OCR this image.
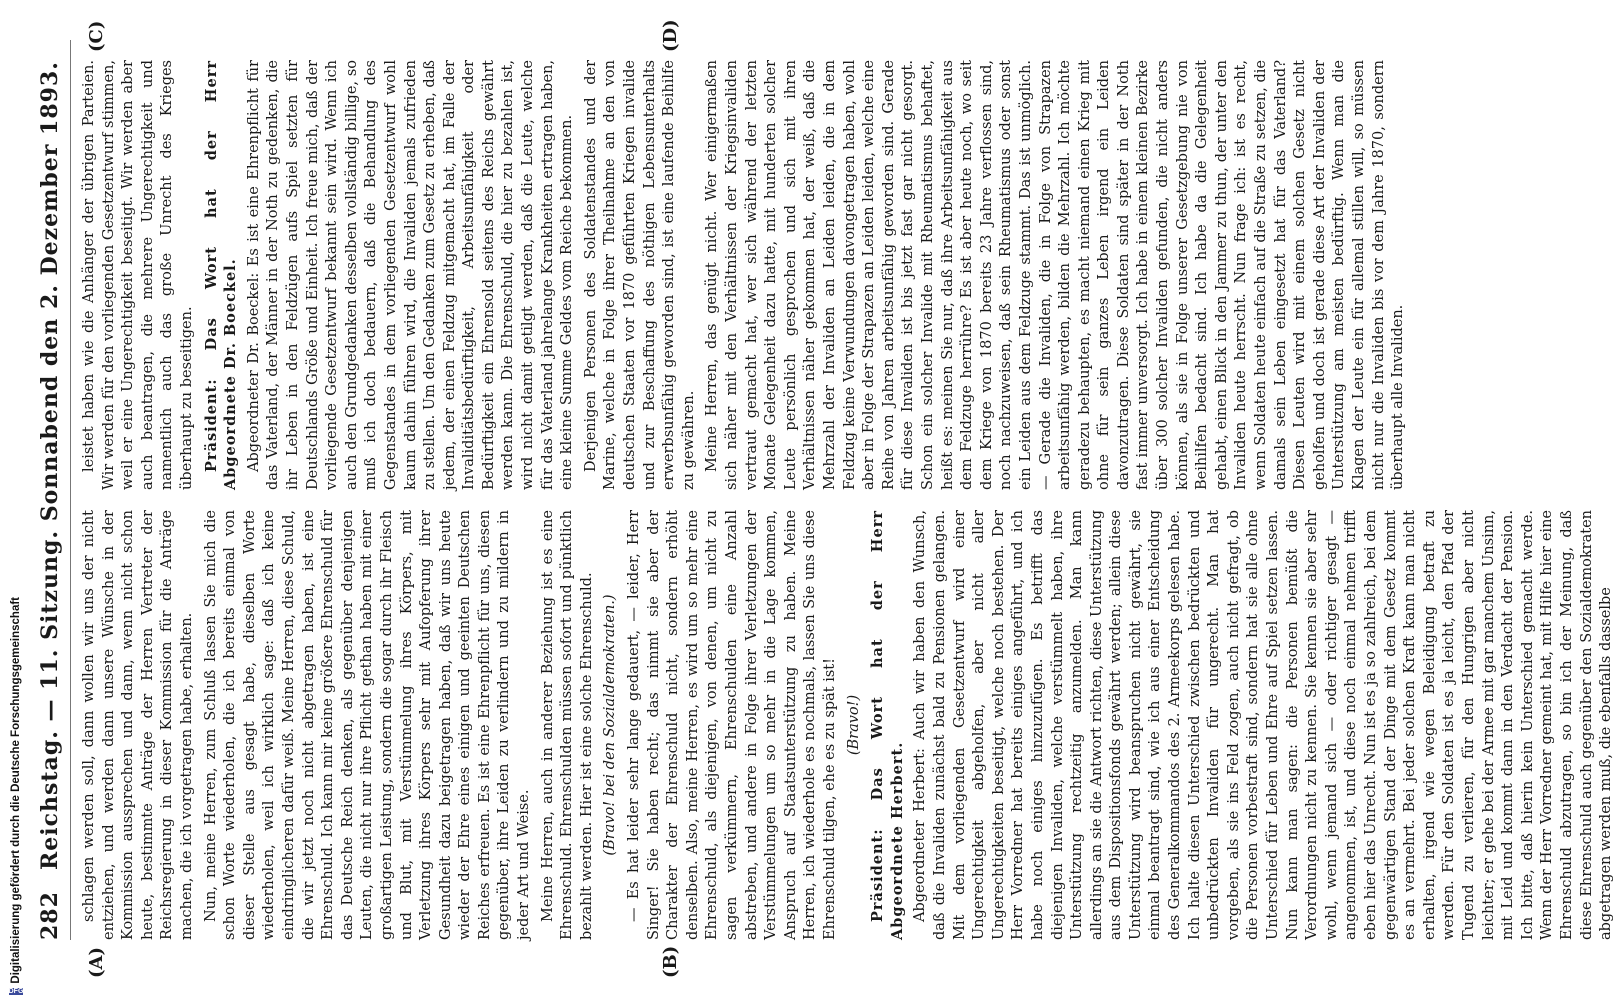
282
Reichstag. — 11. Sitzung. Sonnabend den 2. Dezember 1893.
(A)	(B)
(C)	(D)

schlagen werden soll, dann wollen wir uns der nicht entziehen, und werden dann unsere Wünsche in der Kommission aussprechen und dann, wenn nicht schon heute, bestimmte Anträge der Herren Vertreter der Reichsregierung in dieser Kommission für die Anträge machen, die ich vorgetragen habe, erhalten. Nun, meine Herren, zum Schluß lassen Sie mich die schon Worte wiederholen, die ich bereits einmal von dieser Stelle aus gesagt habe, dieselben Worte wiederholen, weil ich wirklich sage: daß ich keine eindringlicheren dafür weiß. Meine Herren, diese Schuld, die wir jetzt noch nicht abgetragen haben, ist eine Ehrenschuld. Ich kann mir keine größere Ehrenschuld für das Deutsche Reich denken, als gegenüber denjenigen Leuten, die nicht nur ihre Pflicht gethan haben mit einer großartigen Leistung, sondern die sogar durch ihr Fleisch und Blut, mit Verstümmelung ihres Körpers, mit Verletzung ihres Körpers sehr mit Aufopferung ihrer Gesundheit dazu beigetragen haben, daß wir uns heute wieder der Ehre eines einigen und geeinten Deutschen Reiches erfreuen. Es ist eine Ehrenpflicht für uns, diesen gegenüber, ihre Leiden zu verlindern und zu mildern in jeder Art und Weise. Meine Herren, auch in anderer Beziehung ist es eine Ehrenschuld. Ehrenschulden müssen sofort und pünktlich bezahlt werden. Hier ist eine solche Ehrenschuld. (Bravo! bei den Sozialdemokraten.) — Es hat leider sehr lange gedauert, — leider, Herr Singer! Sie haben recht; das nimmt sie aber der Charakter der Ehrenschuld nicht, sondern erhöht denselben. Also, meine Herren, es wird um so mehr eine Ehrenschuld, als diejenigen, von denen, um nicht zu sagen verkümmern, Ehrenschulden eine Anzahl abstreben, und andere in Folge ihrer Verletzungen der Verstümmelungen um so mehr in die Lage kommen, Anspruch auf Staatsunterstützung zu haben. Meine Herren, ich wiederhole es nochmals, lassen Sie uns diese Ehrenschuld tilgen, ehe es zu spät ist! (Bravo!) Präsident: Das Wort hat der Herr Abgeordnete Herbert. Abgeordneter Herbert: Auch wir haben den Wunsch, daß die Invaliden zunächst bald zu Pensionen gelangen. Mit dem vorliegenden Gesetzentwurf wird einer Ungerechtigkeit abgeholfen, aber nicht aller Ungerechtigkeiten beseitigt, welche noch bestehen. Der Herr Vorredner hat bereits einiges angeführt, und ich habe noch einiges hinzuzufügen. Es betrifft das diejenigen Invaliden, welche verstümmelt haben, ihre Unterstützung rechtzeitig anzumelden. Man kann allerdings an sie die Antwort richten, diese Unterstützung aus dem Dispositionsfonds gewährt werden; allein diese Unterstützung wird beanspruchen nicht gewährt, sie einmal beantragt sind, wie ich aus einer Entscheidung des Generalkommandos des 2. Armeekorps gelesen habe. Ich halte diesen Unterschied zwischen bedrückten und unbedrückten Invaliden für ungerecht. Man hat vorgeben, als sie ins Feld zogen, auch nicht gefragt, ob die Personen vorbestraft sind, sondern hat sie alle ohne Unterschied für Leben und Ehre auf Spiel setzen lassen. Nun kann man sagen: die Personen bemüßt die Verordnungen nicht zu kennen. Sie kennen sie aber sehr wohl, wenn jemand sich — oder richtiger gesagt — angenommen, ist, und diese noch einmal nehmen trifft eben hier das Unrecht. Nun ist es ja so zahlreich, bei dem gegenwärtigen Stand der Dinge mit dem Gesetz kommt es an vermehrt. Bei jeder solchen Kraft kann man nicht erhalten, irgend wie wegen Beleidigung betraft zu werden. Für den Soldaten ist es ja leicht, den Pfad der Tugend zu verlieren, für den Hungrigen aber nicht leichter; er gehe bei der Armee mit gar manchem Unsinn, mit Leid und kommt dann in den Verdacht der Pension. Ich bitte, daß hierin kein Unterschied gemacht werde. Wenn der Herr Vorredner gemeint hat, mit Hilfe hier eine Ehrenschuld abzutragen, so bin ich der Meinung, daß diese Ehrenschuld auch gegenüber den Sozialdemokraten abgetragen werden muß, die ebenfalls dasselbe

leistet haben wie die Anhänger der übrigen Parteien. Wir werden für den vorliegenden Gesetzentwurf stimmen, weil er eine Ungerechtigkeit beseitigt. Wir werden aber auch beantragen, die mehrere Ungerechtigkeit und namentlich auch das große Unrecht des Krieges überhaupt zu beseitigen. Präsident: Das Wort hat der Herr Abgeordnete Dr. Boeckel. Abgeordneter Dr. Boeckel: Es ist eine Ehrenpflicht für das Vaterland, der Männer in der Noth zu gedenken, die ihr Leben in den Feldzügen aufs Spiel setzten für Deutschlands Größe und Einheit. Ich freue mich, daß der vorliegende Gesetzentwurf bekannt sein wird. Wenn ich auch den Grundgedanken desselben vollständig billige, so muß ich doch bedauern, daß die Behandlung des Gegenstandes in dem vorliegenden Gesetzentwurf wohl kaum dahin führen wird, die Invaliden jemals zufrieden zu stellen. Um den Gedanken zum Gesetz zu erheben, daß jedem, der einen Feldzug mitgemacht hat, im Falle der Invaliditätsbedürftigkeit, Arbeitsunfähigkeit oder Bedürftigkeit ein Ehrensold seitens des Reichs gewährt werden kann. Die Ehrenschuld, die hier zu bezahlen ist, wird nicht damit getilgt werden, daß die Leute, welche für das Vaterland jahrelange Krankheiten ertragen haben, eine kleine Summe Geldes vom Reiche bekommen. Derjenigen Personen des Soldatenstandes und der Marine, welche in Folge ihrer Theilnahme an den von deutschen Staaten vor 1870 geführten Kriegen invalide und zur Beschaffung des nöthigen Lebensunterhalts erwerbsunfähig geworden sind, ist eine laufende Beihilfe zu gewähren. Meine Herren, das genügt nicht. Wer einigermaßen sich näher mit den Verhältnissen der Kriegsinvaliden vertraut gemacht hat, wer sich während der letzten Monate Gelegenheit dazu hatte, mit hunderten solcher Leute persönlich gesprochen und sich mit ihren Verhältnissen näher gekommen hat, der weiß, daß die Mehrzahl der Invaliden an Leiden leiden, die in dem Feldzug keine Verwundungen davongetragen haben, wohl aber in Folge der Strapazen an Leiden leiden, welche eine Reihe von Jahren arbeitsunfähig geworden sind. Gerade für diese Invaliden ist bis jetzt fast gar nicht gesorgt. Schon ein solcher Invalide mit Rheumatismus behaftet, heißt es: meinen Sie nur, daß ihre Arbeitsunfähigkeit aus dem Feldzuge herrühre? Es ist aber heute noch, wo seit dem Kriege von 1870 bereits 23 Jahre verflossen sind, noch nachzuweisen, daß sein Rheumatismus oder sonst ein Leiden aus dem Feldzuge stammt. Das ist unmöglich. — Gerade die Invaliden, die in Folge von Strapazen arbeitsunfähig werden, bilden die Mehrzahl. Ich möchte geradezu behaupten, es macht niemand einen Krieg mit ohne für sein ganzes Leben irgend ein Leiden davonzutragen. Diese Soldaten sind später in der Noth fast immer unversorgt. Ich habe in einem kleinen Bezirke über 300 solcher Invaliden gefunden, die nicht anders können, als sie in Folge unserer Gesetzgebung nie von Beihilfen bedacht sind. Ich habe da die Gelegenheit gehabt, einen Blick in den Jammer zu thun, der unter den Invaliden heute herrscht. Nun frage ich: ist es recht, wenn Soldaten heute einfach auf die Straße zu setzen, die damals sein Leben eingesetzt hat für das Vaterland? Diesen Leuten wird mit einem solchen Gesetz nicht geholfen und doch ist gerade diese Art der Invaliden der Unterstützung am meisten bedürftig. Wenn man die Klagen der Leute ein für allemal stillen will, so müssen nicht nur die Invaliden bis vor dem Jahre 1870, sondern überhaupt alle Invaliden.

Digitalisierung gefördert durch die Deutsche Forschungsgemeinschaft
DFG
